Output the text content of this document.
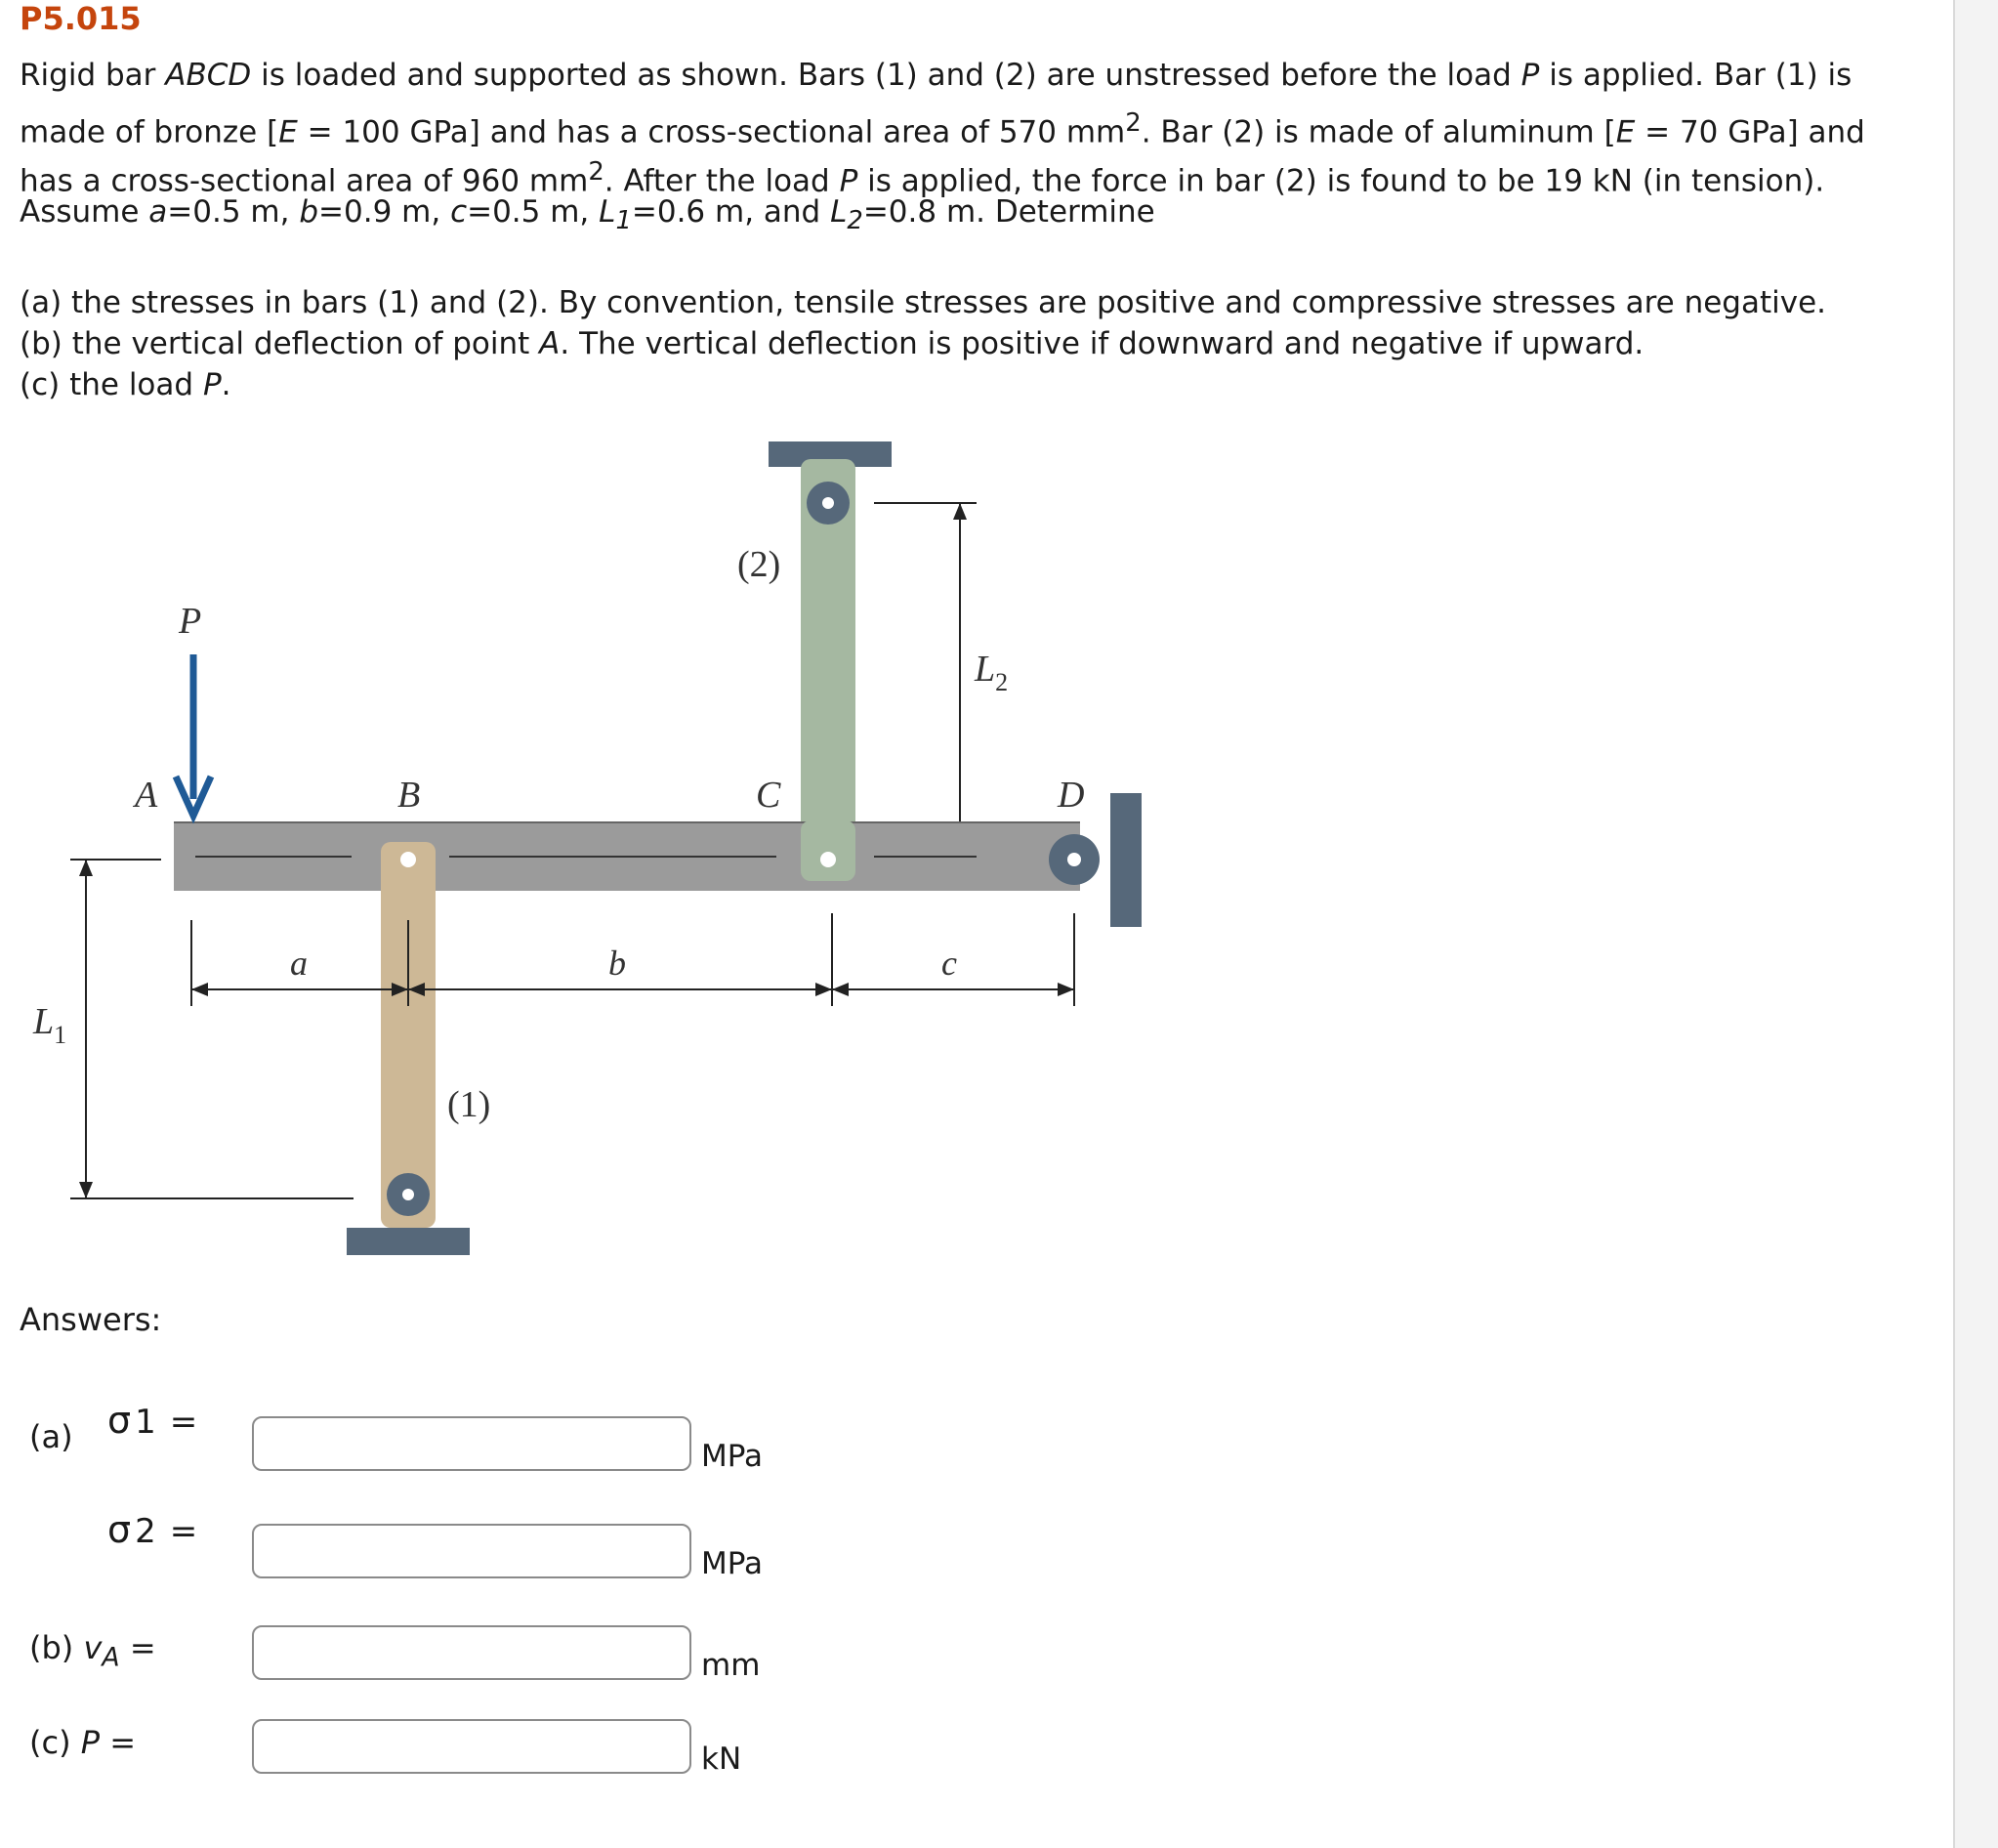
P5.015
Rigid bar ABCD is loaded and supported as shown. Bars (1) and (2) are unstressed before the load P is applied. Bar (1) is
made of bronze [E = 100 GPa] and has a cross-sectional area of 570 $mm^2$. Bar (2) is made of aluminum [E = 70 GPa] and
has a cross-sectional area of 960 $mm^2$. After the load P is applied, the force in bar (2) is found to be 19 kN (in tension).
Assume a=0.5 m, b=0.9 m, c=0.5 m, $L_1=0.6$ m, and $L_2=0.8$ m. Determine
(a) the stresses in bars (1) and (2). By convention, tensile stresses are positive and compressive stresses are negative.
(b) the vertical deflection of point A. The vertical deflection is positive if downward and negative if upward.
(c) the load P.
$L_2$
(2)
(1)
P
A	B	C	D
a	b	c
$L_1$
Answers:
(a) σ 1 =
MPa
σ 2 =
MPa
(b) $v_A$ =	mm
(c) P =	kN
